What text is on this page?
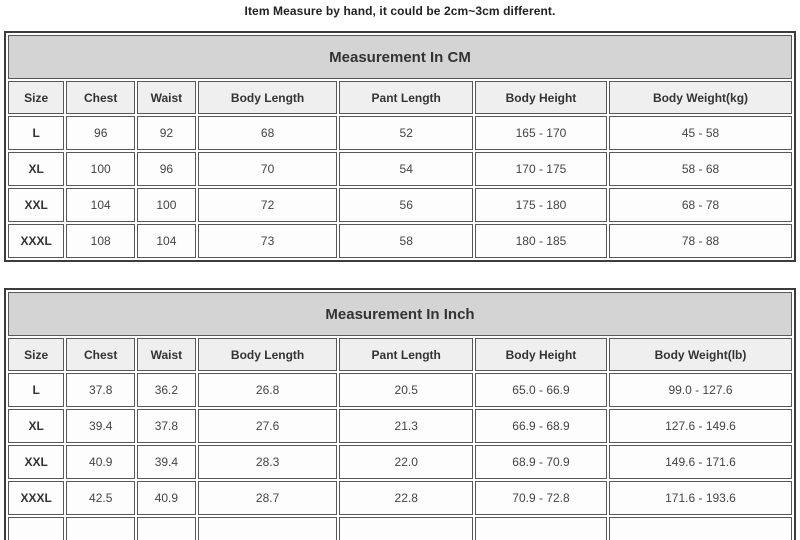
Item Measure by hand, it could be 2cm~3cm different.
Measurement In CM						
Size	Chest	Waist	Body Length	Pant Length	Body Height	Body Weight(kg)
L	96	92	68	52	165 - 170	45 - 58
XL	100	96	70	54	170 - 175	58 - 68
XXL	104	100	72	56	175 - 180	68 - 78
XXXL	108	104	73	58	180 - 185	78 - 88
Measurement In Inch						
Size	Chest	Waist	Body Length	Pant Length	Body Height	Body Weight(lb)
L	37.8	36.2	26.8	20.5	65.0 - 66.9	99.0 - 127.6
XL	39.4	37.8	27.6	21.3	66.9 - 68.9	127.6 - 149.6
XXL	40.9	39.4	28.3	22.0	68.9 - 70.9	149.6 - 171.6
XXXL	42.5	40.9	28.7	22.8	70.9 - 72.8	171.6 - 193.6
